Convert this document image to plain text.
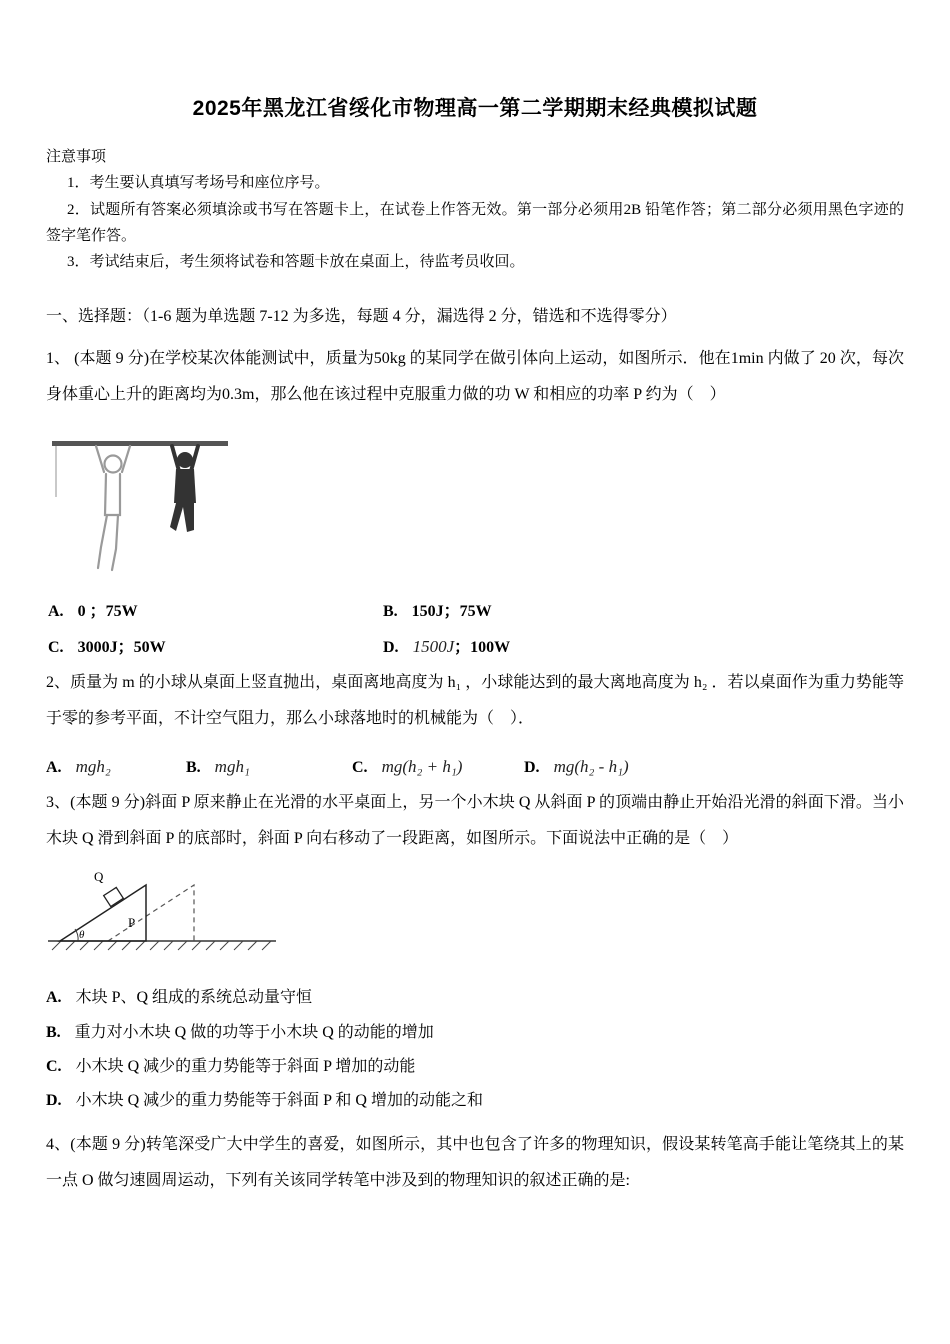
2025年黑龙江省绥化市物理高一第二学期期末经典模拟试题
注意事项

1．考生要认真填写考场号和座位序号。

2．试题所有答案必须填涂或书写在答题卡上，在试卷上作答无效。第一部分必须用2B 铅笔作答；第二部分必须用黑色字迹的签字笔作答。

3．考试结束后，考生须将试卷和答题卡放在桌面上，待监考员收回。

一、选择题：（1-6 题为单选题 7-12 为多选，每题 4 分，漏选得 2 分，错选和不选得零分）

1、 (本题 9 分)在学校某次体能测试中，质量为50kg 的某同学在做引体向上运动，如图所示．他在1min 内做了 20 次，每次身体重心上升的距离均为0.3m，那么他在该过程中克服重力做的功 W 和相应的功率 P 约为（　）

A. 0 ；75W	B. 150J；75W
C. 3000J；50W	D. 1500J；100W

2、质量为 m 的小球从桌面上竖直抛出，桌面离地高度为 h₁ ，小球能达到的最大离地高度为 h₂ ．若以桌面作为重力势能等于零的参考平面，不计空气阻力，那么小球落地时的机械能为（　）．

A. mgh₂	B. mgh₁	C. mg(h₂ + h₁)	D. mg(h₂ - h₁)

3、(本题 9 分)斜面 P 原来静止在光滑的水平桌面上，另一个小木块 Q 从斜面 P 的顶端由静止开始沿光滑的斜面下滑。当小木块 Q 滑到斜面 P 的底部时，斜面 P 向右移动了一段距离，如图所示。下面说法中正确的是（　）

Q
P
θ
A. 木块 P、Q 组成的系统总动量守恒
B. 重力对小木块 Q 做的功等于小木块 Q 的动能的增加
C. 小木块 Q 减少的重力势能等于斜面 P 增加的动能
D. 小木块 Q 减少的重力势能等于斜面 P 和 Q 增加的动能之和

4、(本题 9 分)转笔深受广大中学生的喜爱，如图所示，其中也包含了许多的物理知识，假设某转笔高手能让笔绕其上的某一点 O 做匀速圆周运动，下列有关该同学转笔中涉及到的物理知识的叙述正确的是:
